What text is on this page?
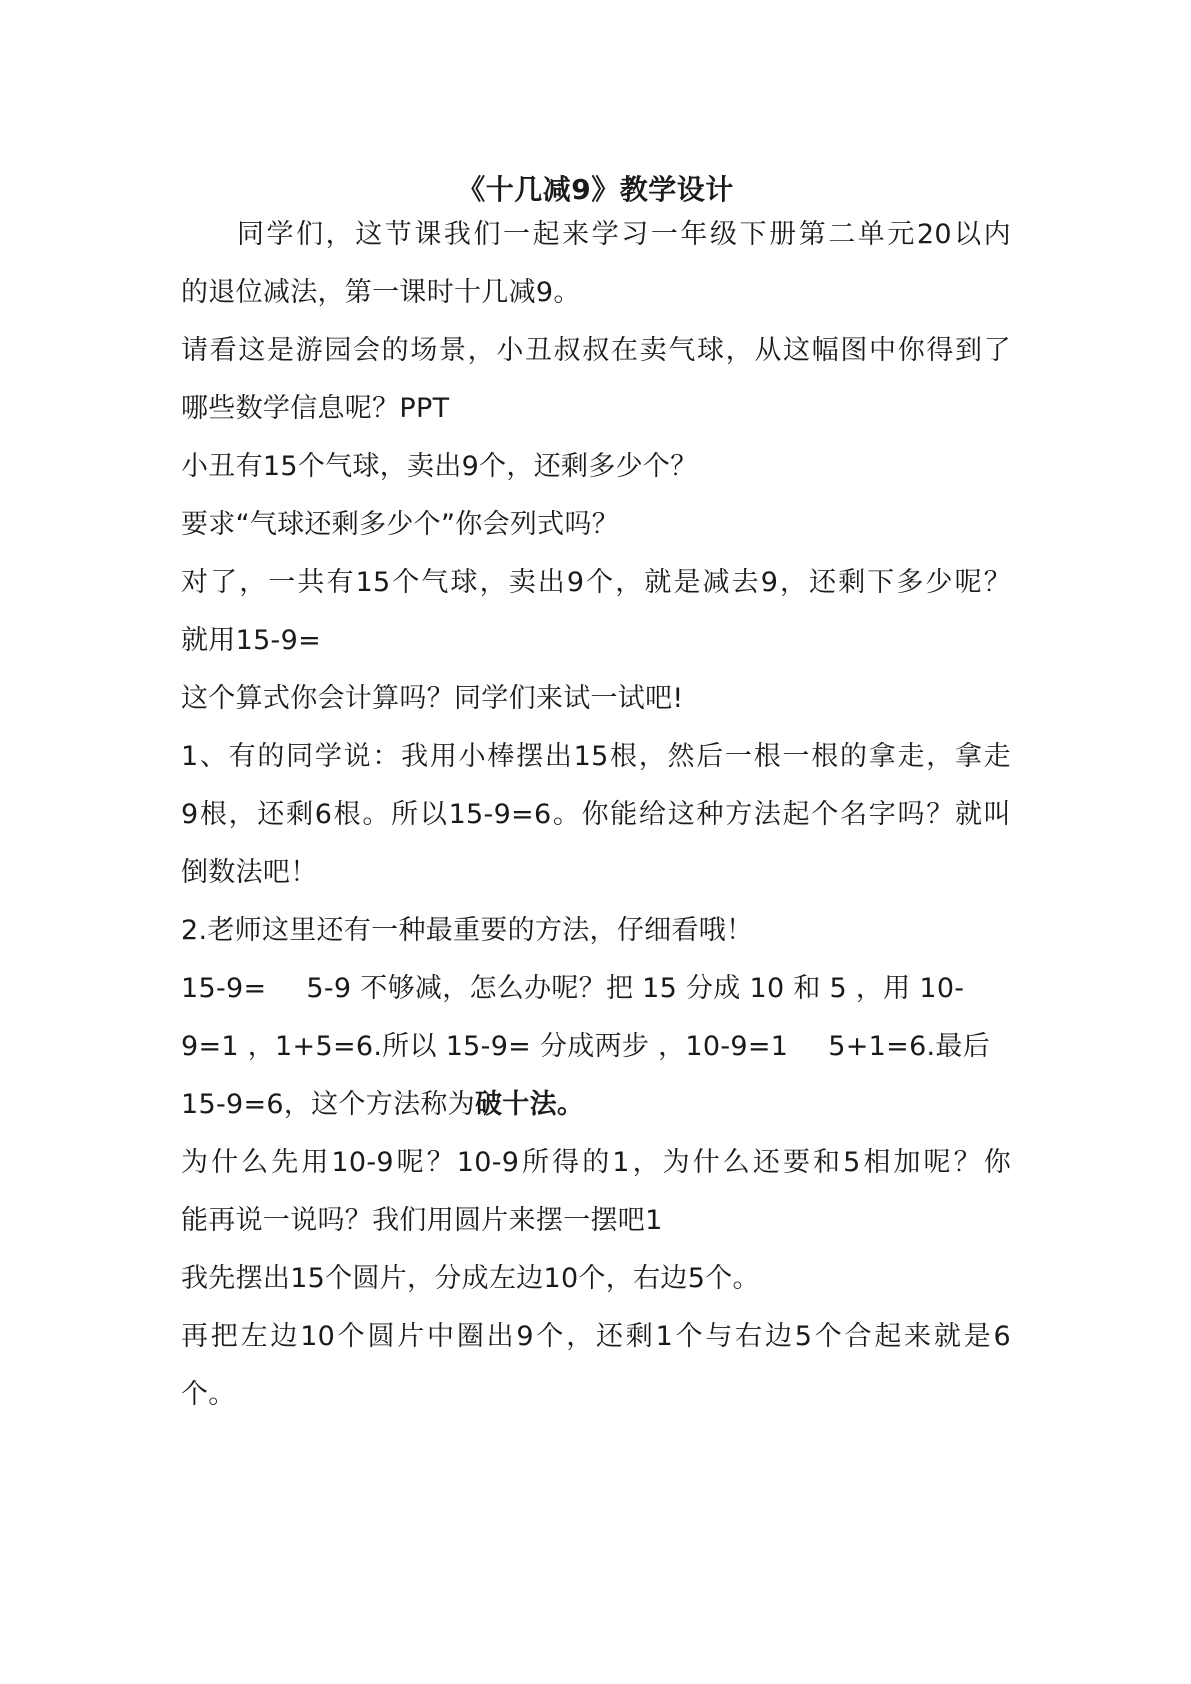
《十几减9》教学设计
同学们，这节课我们一起来学习一年级下册第二单元20以内
的退位减法，第一课时十几减9。
请看这是游园会的场景，小丑叔叔在卖气球，从这幅图中你得到了
哪些数学信息呢？PPT
小丑有15个气球，卖出9个，还剩多少个？
要求“气球还剩多少个”你会列式吗？
对了，一共有15个气球，卖出9个，就是减去9，还剩下多少呢？
就用15-9=
这个算式你会计算吗？同学们来试一试吧!
1、有的同学说：我用小棒摆出15根，然后一根一根的拿走，拿走
9根，还剩6根。所以15-9=6。你能给这种方法起个名字吗？就叫
倒数法吧！
2.老师这里还有一种最重要的方法，仔细看哦！
15-9= 5-9 不够减，怎么办呢？把 15 分成 10 和 5 ，用 10-
9=1 ，1+5=6.所以 15-9= 分成两步 ，10-9=1 5+1=6.最后
15-9=6，这个方法称为破十法。
为什么先用10-9呢？10-9所得的1，为什么还要和5相加呢？你
能再说一说吗？我们用圆片来摆一摆吧1
我先摆出15个圆片，分成左边10个，右边5个。
再把左边10个圆片中圈出9个，还剩1个与右边5个合起来就是6
个。
